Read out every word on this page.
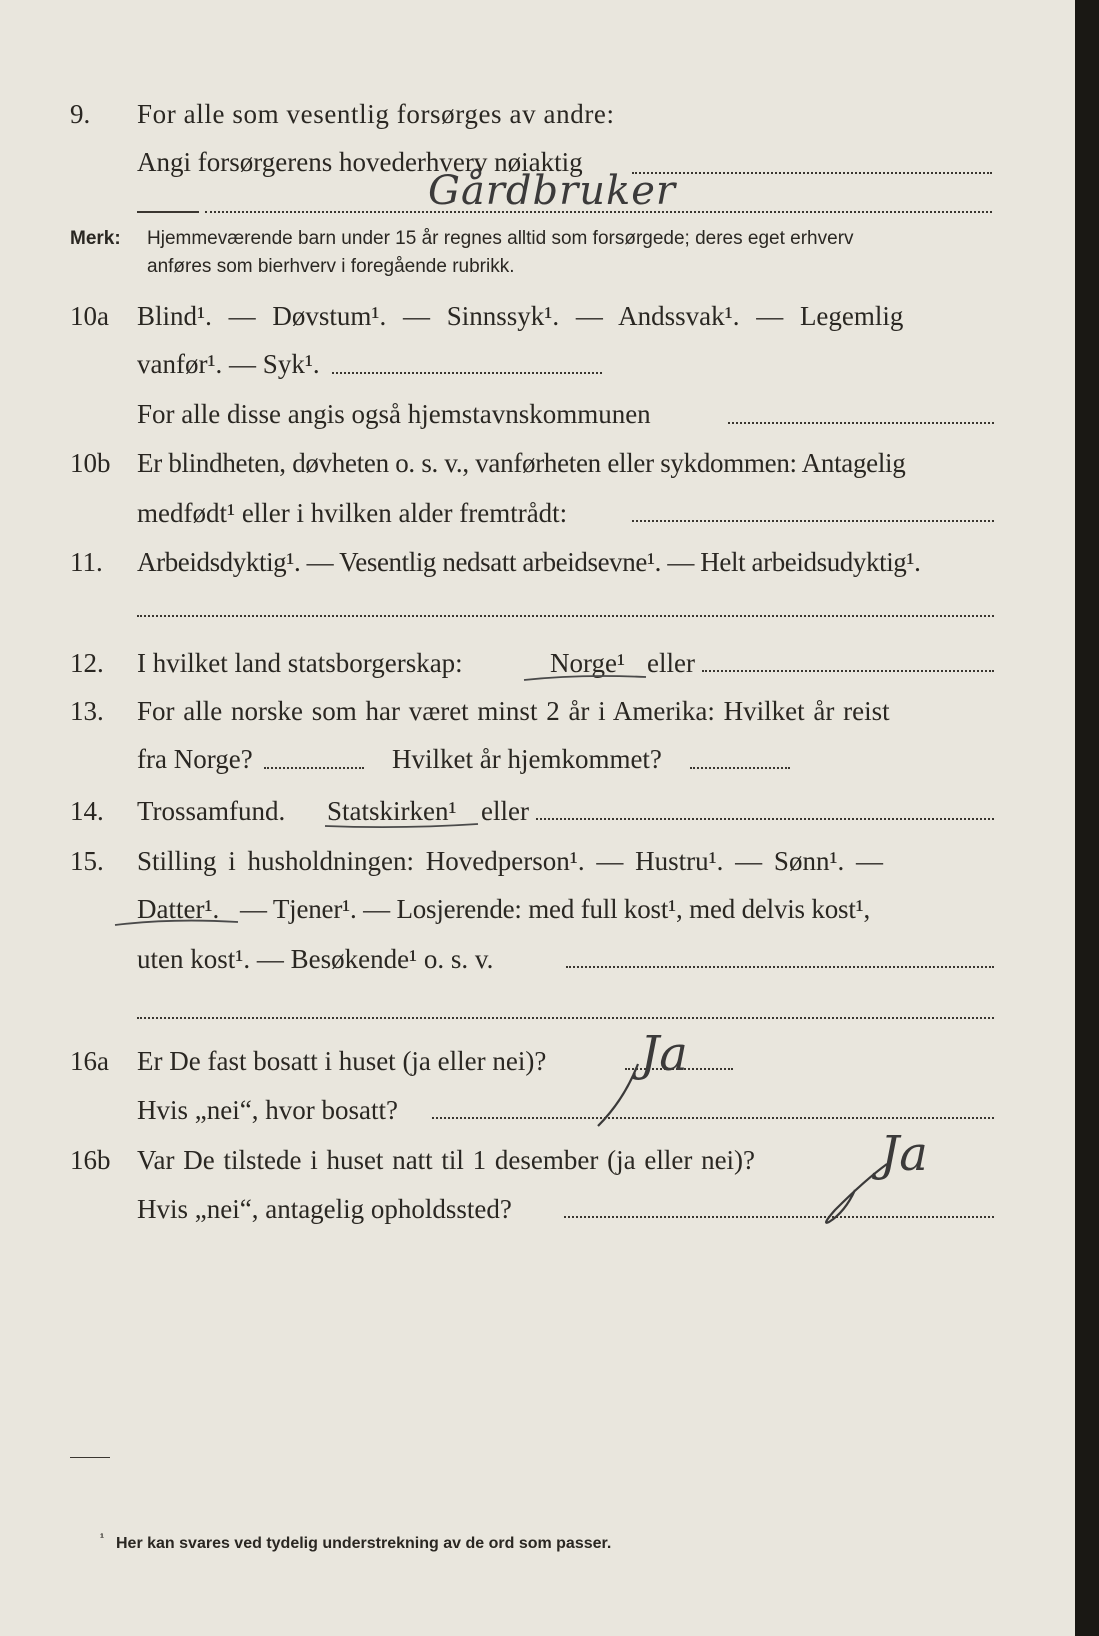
9. For alle som vesentlig forsørges av andre:
Angi forsørgerens hovederhverv nøiaktig
Gårdbruker
Merk: Hjemmeværende barn under 15 år regnes alltid som forsørgede; deres eget erhverv
anføres som bierhverv i foregående rubrikk.
10a Blind¹. — Døvstum¹. — Sinnssyk¹. — Andssvak¹. — Legemlig
vanfør¹. — Syk¹.
For alle disse angis også hjemstavnskommunen
10b Er blindheten, døvheten o. s. v., vanførheten eller sykdommen: Antagelig
medfødt¹ eller i hvilken alder fremtrådt:
11. Arbeidsdyktig¹. — Vesentlig nedsatt arbeidsevne¹. — Helt arbeidsudyktig¹.
12. I hvilket land statsborgerskap:	Norge¹ eller
13. For alle norske som har været minst 2 år i Amerika: Hvilket år reist
fra Norge?	Hvilket år hjemkommet?
14. Trossamfund. Statskirken¹ eller
15. Stilling i husholdningen: Hovedperson¹. — Hustru¹. — Sønn¹. —
Datter¹. — Tjener¹. — Losjerende: med full kost¹, med delvis kost¹,
uten kost¹. — Besøkende¹ o. s. v.
16a Er De fast bosatt i huset (ja eller nei)? Ja
Hvis „nei“, hvor bosatt?
16b Var De tilstede i huset natt til 1 desember (ja eller nei)?	Ja
Hvis „nei“, antagelig opholdssted?
$^{^1}$ Her kan svares ved tydelig understrekning av de ord som passer.
